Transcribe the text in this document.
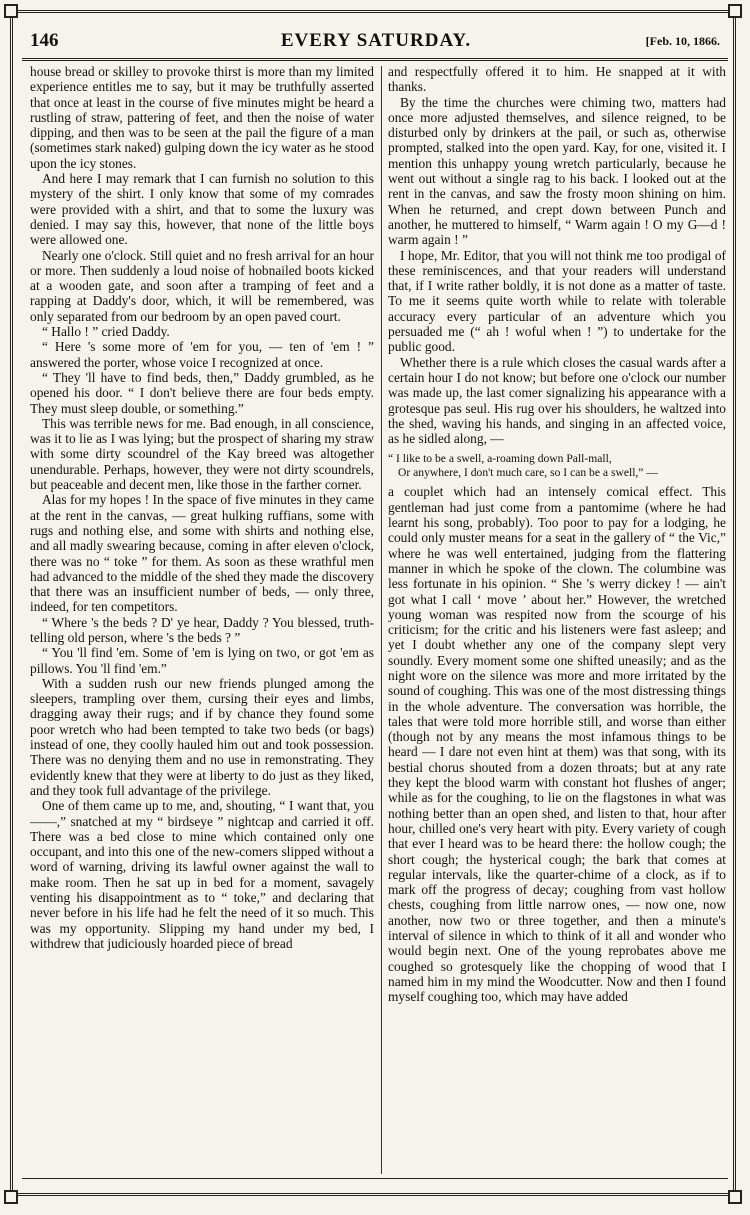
146	EVERY SATURDAY.	[Feb. 10, 1866.

house bread or skilley to provoke thirst is more than my limited experience entitles me to say, but it may be truthfully asserted that once at least in the course of five minutes might be heard a rustling of straw, pattering of feet, and then the noise of water dipping, and then was to be seen at the pail the figure of a man (sometimes stark naked) gulping down the icy water as he stood upon the icy stones.

And here I may remark that I can furnish no solution to this mystery of the shirt. I only know that some of my comrades were provided with a shirt, and that to some the luxury was denied. I may say this, however, that none of the little boys were allowed one.

Nearly one o'clock. Still quiet and no fresh arrival for an hour or more. Then suddenly a loud noise of hobnailed boots kicked at a wooden gate, and soon after a tramping of feet and a rapping at Daddy's door, which, it will be remembered, was only separated from our bedroom by an open paved court.

“ Hallo ! ” cried Daddy.

“ Here 's some more of 'em for you, — ten of 'em ! ” answered the porter, whose voice I recognized at once.

“ They 'll have to find beds, then,” Daddy grumbled, as he opened his door. “ I don't believe there are four beds empty. They must sleep double, or something.”

This was terrible news for me. Bad enough, in all conscience, was it to lie as I was lying; but the prospect of sharing my straw with some dirty scoundrel of the Kay breed was altogether unendurable. Perhaps, however, they were not dirty scoundrels, but peaceable and decent men, like those in the farther corner.

Alas for my hopes ! In the space of five minutes in they came at the rent in the canvas, — great hulking ruffians, some with rugs and nothing else, and some with shirts and nothing else, and all madly swearing because, coming in after eleven o'clock, there was no “ toke ” for them. As soon as these wrathful men had advanced to the middle of the shed they made the discovery that there was an insufficient number of beds, — only three, indeed, for ten competitors.

“ Where 's the beds ? D' ye hear, Daddy ? You blessed, truth-telling old person, where 's the beds ? ”

“ You 'll find 'em. Some of 'em is lying on two, or got 'em as pillows. You 'll find 'em.”

With a sudden rush our new friends plunged among the sleepers, trampling over them, cursing their eyes and limbs, dragging away their rugs; and if by chance they found some poor wretch who had been tempted to take two beds (or bags) instead of one, they coolly hauled him out and took possession. There was no denying them and no use in remonstrating. They evidently knew that they were at liberty to do just as they liked, and they took full advantage of the privilege.

One of them came up to me, and, shouting, “ I want that, you ——,” snatched at my “ birdseye ” nightcap and carried it off. There was a bed close to mine which contained only one occupant, and into this one of the new-comers slipped without a word of warning, driving its lawful owner against the wall to make room. Then he sat up in bed for a moment, savagely venting his disappointment as to “ toke,” and declaring that never before in his life had he felt the need of it so much. This was my opportunity. Slipping my hand under my bed, I withdrew that judiciously hoarded piece of bread

and respectfully offered it to him. He snapped at it with thanks.

By the time the churches were chiming two, matters had once more adjusted themselves, and silence reigned, to be disturbed only by drinkers at the pail, or such as, otherwise prompted, stalked into the open yard. Kay, for one, visited it. I mention this unhappy young wretch particularly, because he went out without a single rag to his back. I looked out at the rent in the canvas, and saw the frosty moon shining on him. When he returned, and crept down between Punch and another, he muttered to himself, “ Warm again ! O my G—d ! warm again ! ”

I hope, Mr. Editor, that you will not think me too prodigal of these reminiscences, and that your readers will understand that, if I write rather boldly, it is not done as a matter of taste. To me it seems quite worth while to relate with tolerable accuracy every particular of an adventure which you persuaded me (“ ah ! woful when ! ”) to undertake for the public good.

Whether there is a rule which closes the casual wards after a certain hour I do not know; but before one o'clock our number was made up, the last comer signalizing his appearance with a grotesque pas seul. His rug over his shoulders, he waltzed into the shed, waving his hands, and singing in an affected voice, as he sidled along, —

“ I like to be a swell, a-roaming down Pall-mall,
Or anywhere, I don't much care, so I can be a swell,” —

a couplet which had an intensely comical effect. This gentleman had just come from a pantomime (where he had learnt his song, probably). Too poor to pay for a lodging, he could only muster means for a seat in the gallery of “ the Vic,” where he was well entertained, judging from the flattering manner in which he spoke of the clown. The columbine was less fortunate in his opinion. “ She 's werry dickey ! — ain't got what I call ‘ move ’ about her.” However, the wretched young woman was respited now from the scourge of his criticism; for the critic and his listeners were fast asleep; and yet I doubt whether any one of the company slept very soundly. Every moment some one shifted uneasily; and as the night wore on the silence was more and more irritated by the sound of coughing. This was one of the most distressing things in the whole adventure. The conversation was horrible, the tales that were told more horrible still, and worse than either (though not by any means the most infamous things to be heard — I dare not even hint at them) was that song, with its bestial chorus shouted from a dozen throats; but at any rate they kept the blood warm with constant hot flushes of anger; while as for the coughing, to lie on the flagstones in what was nothing better than an open shed, and listen to that, hour after hour, chilled one's very heart with pity. Every variety of cough that ever I heard was to be heard there: the hollow cough; the short cough; the hysterical cough; the bark that comes at regular intervals, like the quarter-chime of a clock, as if to mark off the progress of decay; coughing from vast hollow chests, coughing from little narrow ones, — now one, now another, now two or three together, and then a minute's interval of silence in which to think of it all and wonder who would begin next. One of the young reprobates above me coughed so grotesquely like the chopping of wood that I named him in my mind the Woodcutter. Now and then I found myself coughing too, which may have added
